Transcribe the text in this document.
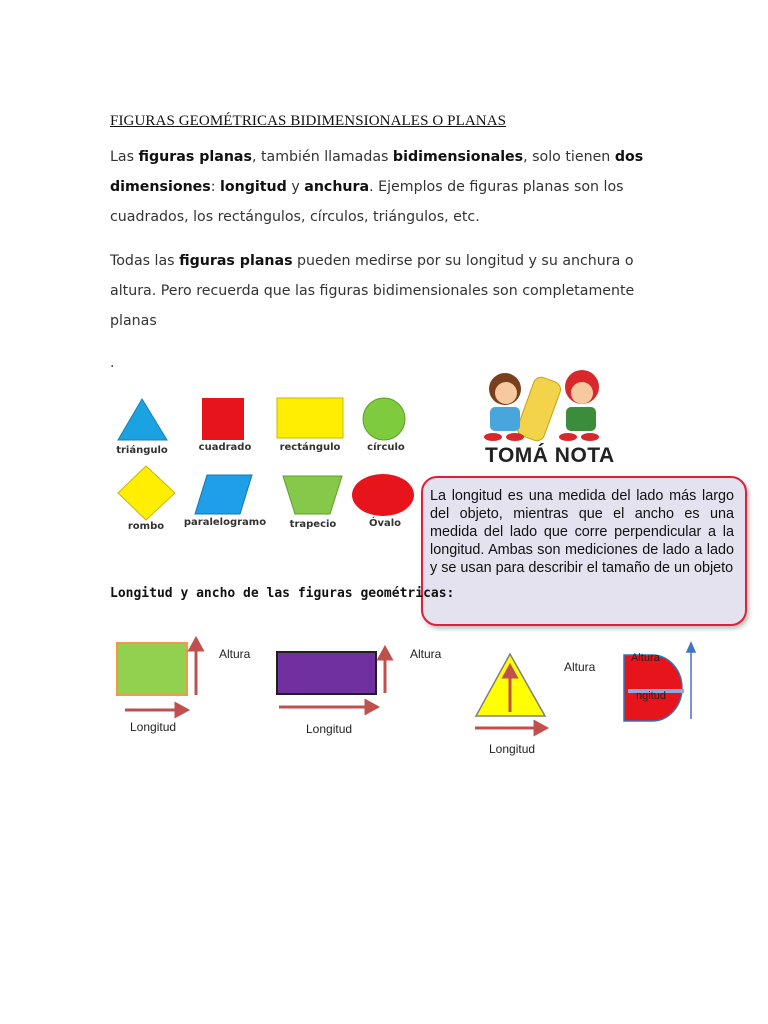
FIGURAS GEOMÉTRICAS BIDIMENSIONALES O PLANAS
Las figuras planas, también llamadas bidimensionales, solo tienen dos dimensiones: longitud y anchura. Ejemplos de figuras planas son los cuadrados, los rectángulos, círculos, triángulos, etc.
Todas las figuras planas pueden medirse por su longitud y su anchura o altura. Pero recuerda que las figuras bidimensionales son completamente planas
.
triángulo	cuadrado	rectángulo	círculo
rombo	paralelogramo	trapecio	Óvalo
TOMÁ NOTA
La longitud es una medida del lado más largo del objeto, mientras que el ancho es una medida del lado que corre perpendicular a la longitud. Ambas son mediciones de lado a lado y se usan para describir el tamaño de un objeto
Longitud y ancho de las figuras geométricas:
Altura
Longitud
Altura
Longitud
Altura
Longitud
Altura
ngitud
